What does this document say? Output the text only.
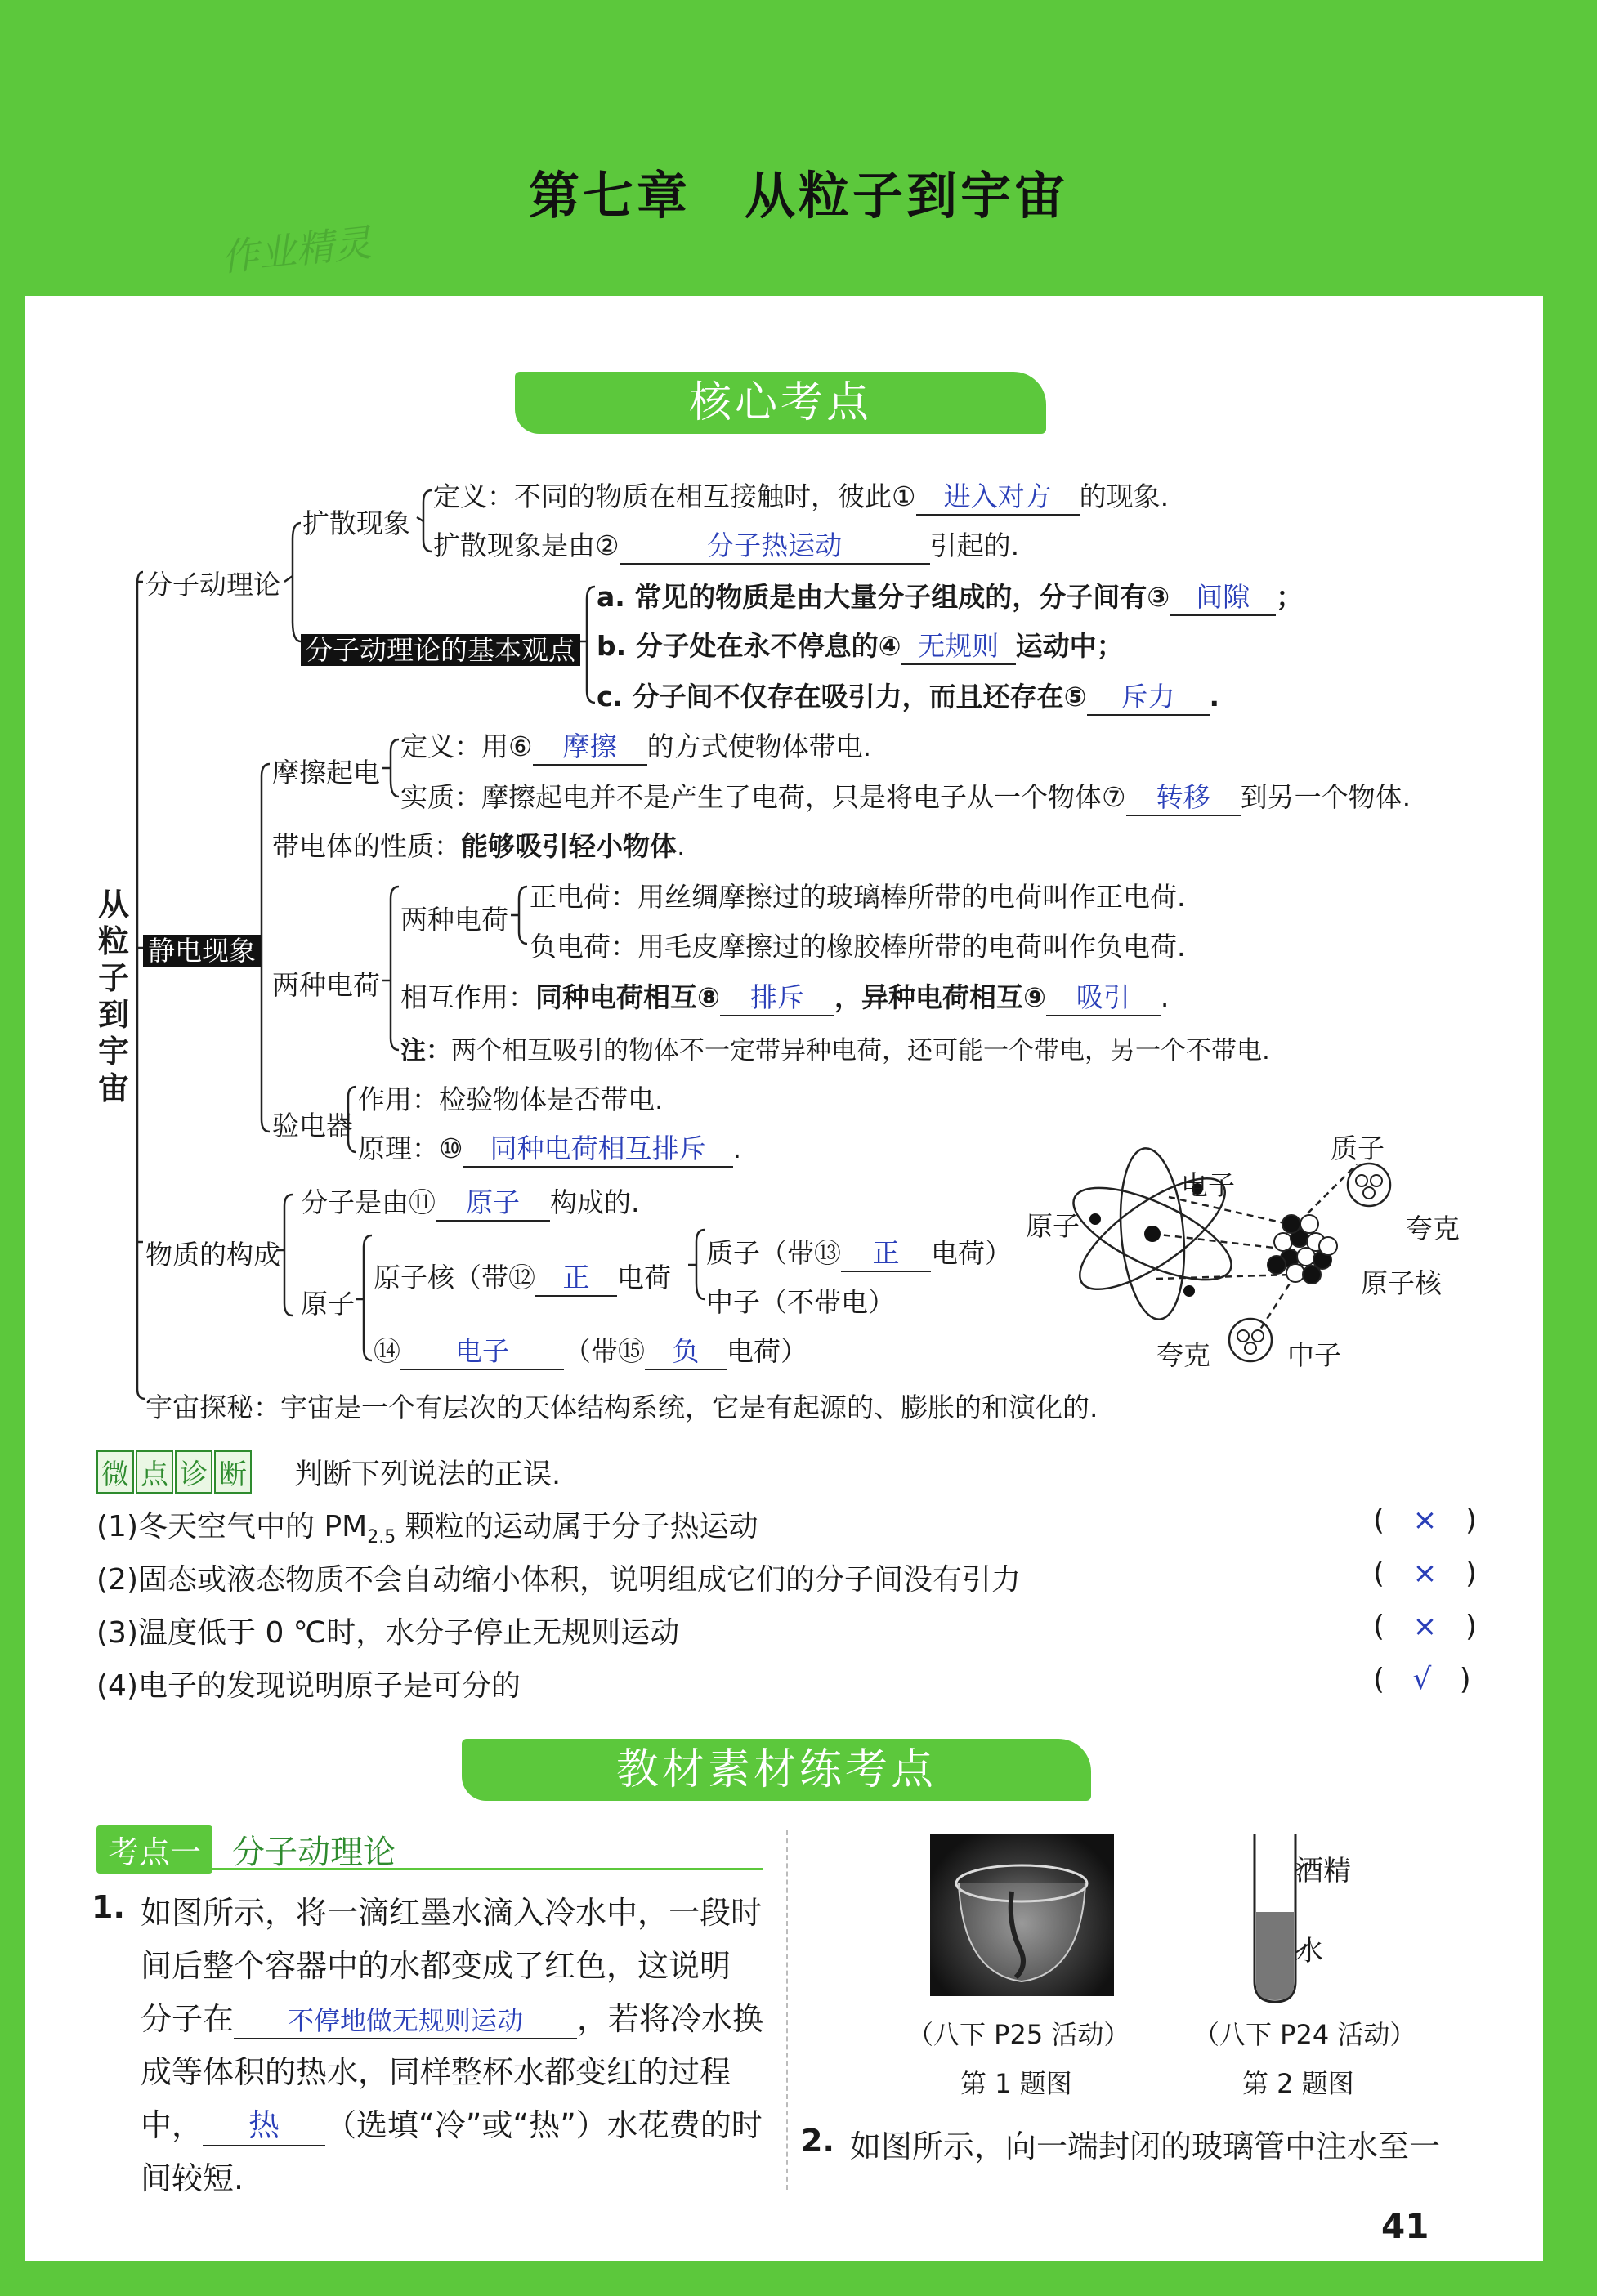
第七章　从粒子到宇宙
作业精灵
核心考点
从粒子到宇宙
分子动理论
扩散现象
定义：不同的物质在相互接触时，彼此① 进入对方 的现象.
扩散现象是由②	分子热运动	引起的.
分子动理论的基本观点
a. 常见的物质是由大量分子组成的，分子间有③ 间隙 ；
b. 分子处在永不停息的④ 无规则 运动中；
c. 分子间不仅存在吸引力，而且还存在⑤ 斥力 .
静电现象
摩擦起电
定义：用⑥ 摩擦 的方式使物体带电.
实质：摩擦起电并不是产生了电荷，只是将电子从一个物体⑦ 转移 到另一个物体.
带电体的性质：能够吸引轻小物体.
两种电荷
两种电荷
正电荷：用丝绸摩擦过的玻璃棒所带的电荷叫作正电荷.
负电荷：用毛皮摩擦过的橡胶棒所带的电荷叫作负电荷.
相互作用：同种电荷相互⑧ 排斥 ，异种电荷相互⑨ 吸引 .
注：两个相互吸引的物体不一定带异种电荷，还可能一个带电，另一个不带电.
验电器
作用：检验物体是否带电.
原理：⑩ 同种电荷相互排斥 .
物质的构成
分子是由⑪ 原子 构成的.
原子
原子核（带⑫ 正 电荷
质子（带⑬ 正 电荷）
中子（不带电）
⑭ 电子 （带⑮ 负 电荷）
宇宙探秘：宇宙是一个有层次的天体结构系统，它是有起源的、膨胀的和演化的.
质子
电子
原子	夸克
原子核
夸克	中子
微 点 诊 断 判断下列说法的正误.
(1)冬天空气中的 $PM_{2.5}$ 颗粒的运动属于分子热运动	(   ×   )
(2)固态或液态物质不会自动缩小体积，说明组成它们的分子间没有引力	(   ×   )
(3)温度低于 0 ℃时，水分子停止无规则运动	(   ×   )
(4)电子的发现说明原子是可分的	(   √   )
教材素材练考点
考点一 分子动理论
1. 如图所示，将一滴红墨水滴入冷水中，一段时
间后整个容器中的水都变成了红色，这说明
分子在 不停地做无规则运动 ，若将冷水换
成等体积的热水，同样整杯水都变红的过程
中， 热 （选填“冷”或“热”）水花费的时
间较短.
（八下 P25 活动）
第 1 题图
酒精
水
（八下 P24 活动）
第 2 题图
2. 如图所示，向一端封闭的玻璃管中注水至一
41
